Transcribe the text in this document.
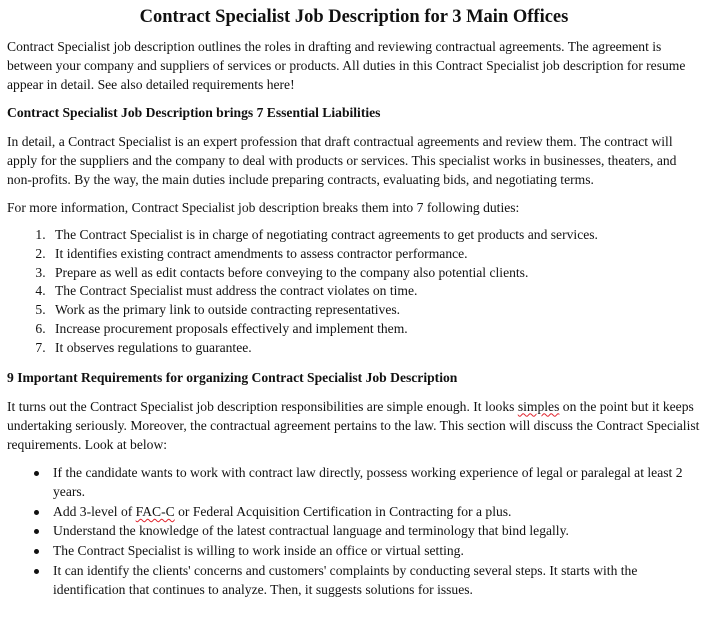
Contract Specialist Job Description for 3 Main Offices

Contract Specialist job description outlines the roles in drafting and reviewing contractual agreements. The agreement is between your company and suppliers of services or products. All duties in this Contract Specialist job description for resume appear in detail. See also detailed requirements here!

Contract Specialist Job Description brings 7 Essential Liabilities

In detail, a Contract Specialist is an expert profession that draft contractual agreements and review them. The contract will apply for the suppliers and the company to deal with products or services. This specialist works in businesses, theaters, and non-profits. By the way, the main duties include preparing contracts, evaluating bids, and negotiating terms.

For more information, Contract Specialist job description breaks them into 7 following duties:

1. The Contract Specialist is in charge of negotiating contract agreements to get products and services.
2. It identifies existing contract amendments to assess contractor performance.
3. Prepare as well as edit contacts before conveying to the company also potential clients.
4. The Contract Specialist must address the contract violates on time.
5. Work as the primary link to outside contracting representatives.
6. Increase procurement proposals effectively and implement them.
7. It observes regulations to guarantee.
9 Important Requirements for organizing Contract Specialist Job Description

It turns out the Contract Specialist job description responsibilities are simple enough. It looks simples on the point but it keeps undertaking seriously. Moreover, the contractual agreement pertains to the law. This section will discuss the Contract Specialist requirements. Look at below:

If the candidate wants to work with contract law directly, possess working experience of legal or paralegal at least 2 years.
Add 3-level of FAC-C or Federal Acquisition Certification in Contracting for a plus.
Understand the knowledge of the latest contractual language and terminology that bind legally.
The Contract Specialist is willing to work inside an office or virtual setting.
It can identify the clients' concerns and customers' complaints by conducting several steps. It starts with the identification that continues to analyze. Then, it suggests solutions for issues.
